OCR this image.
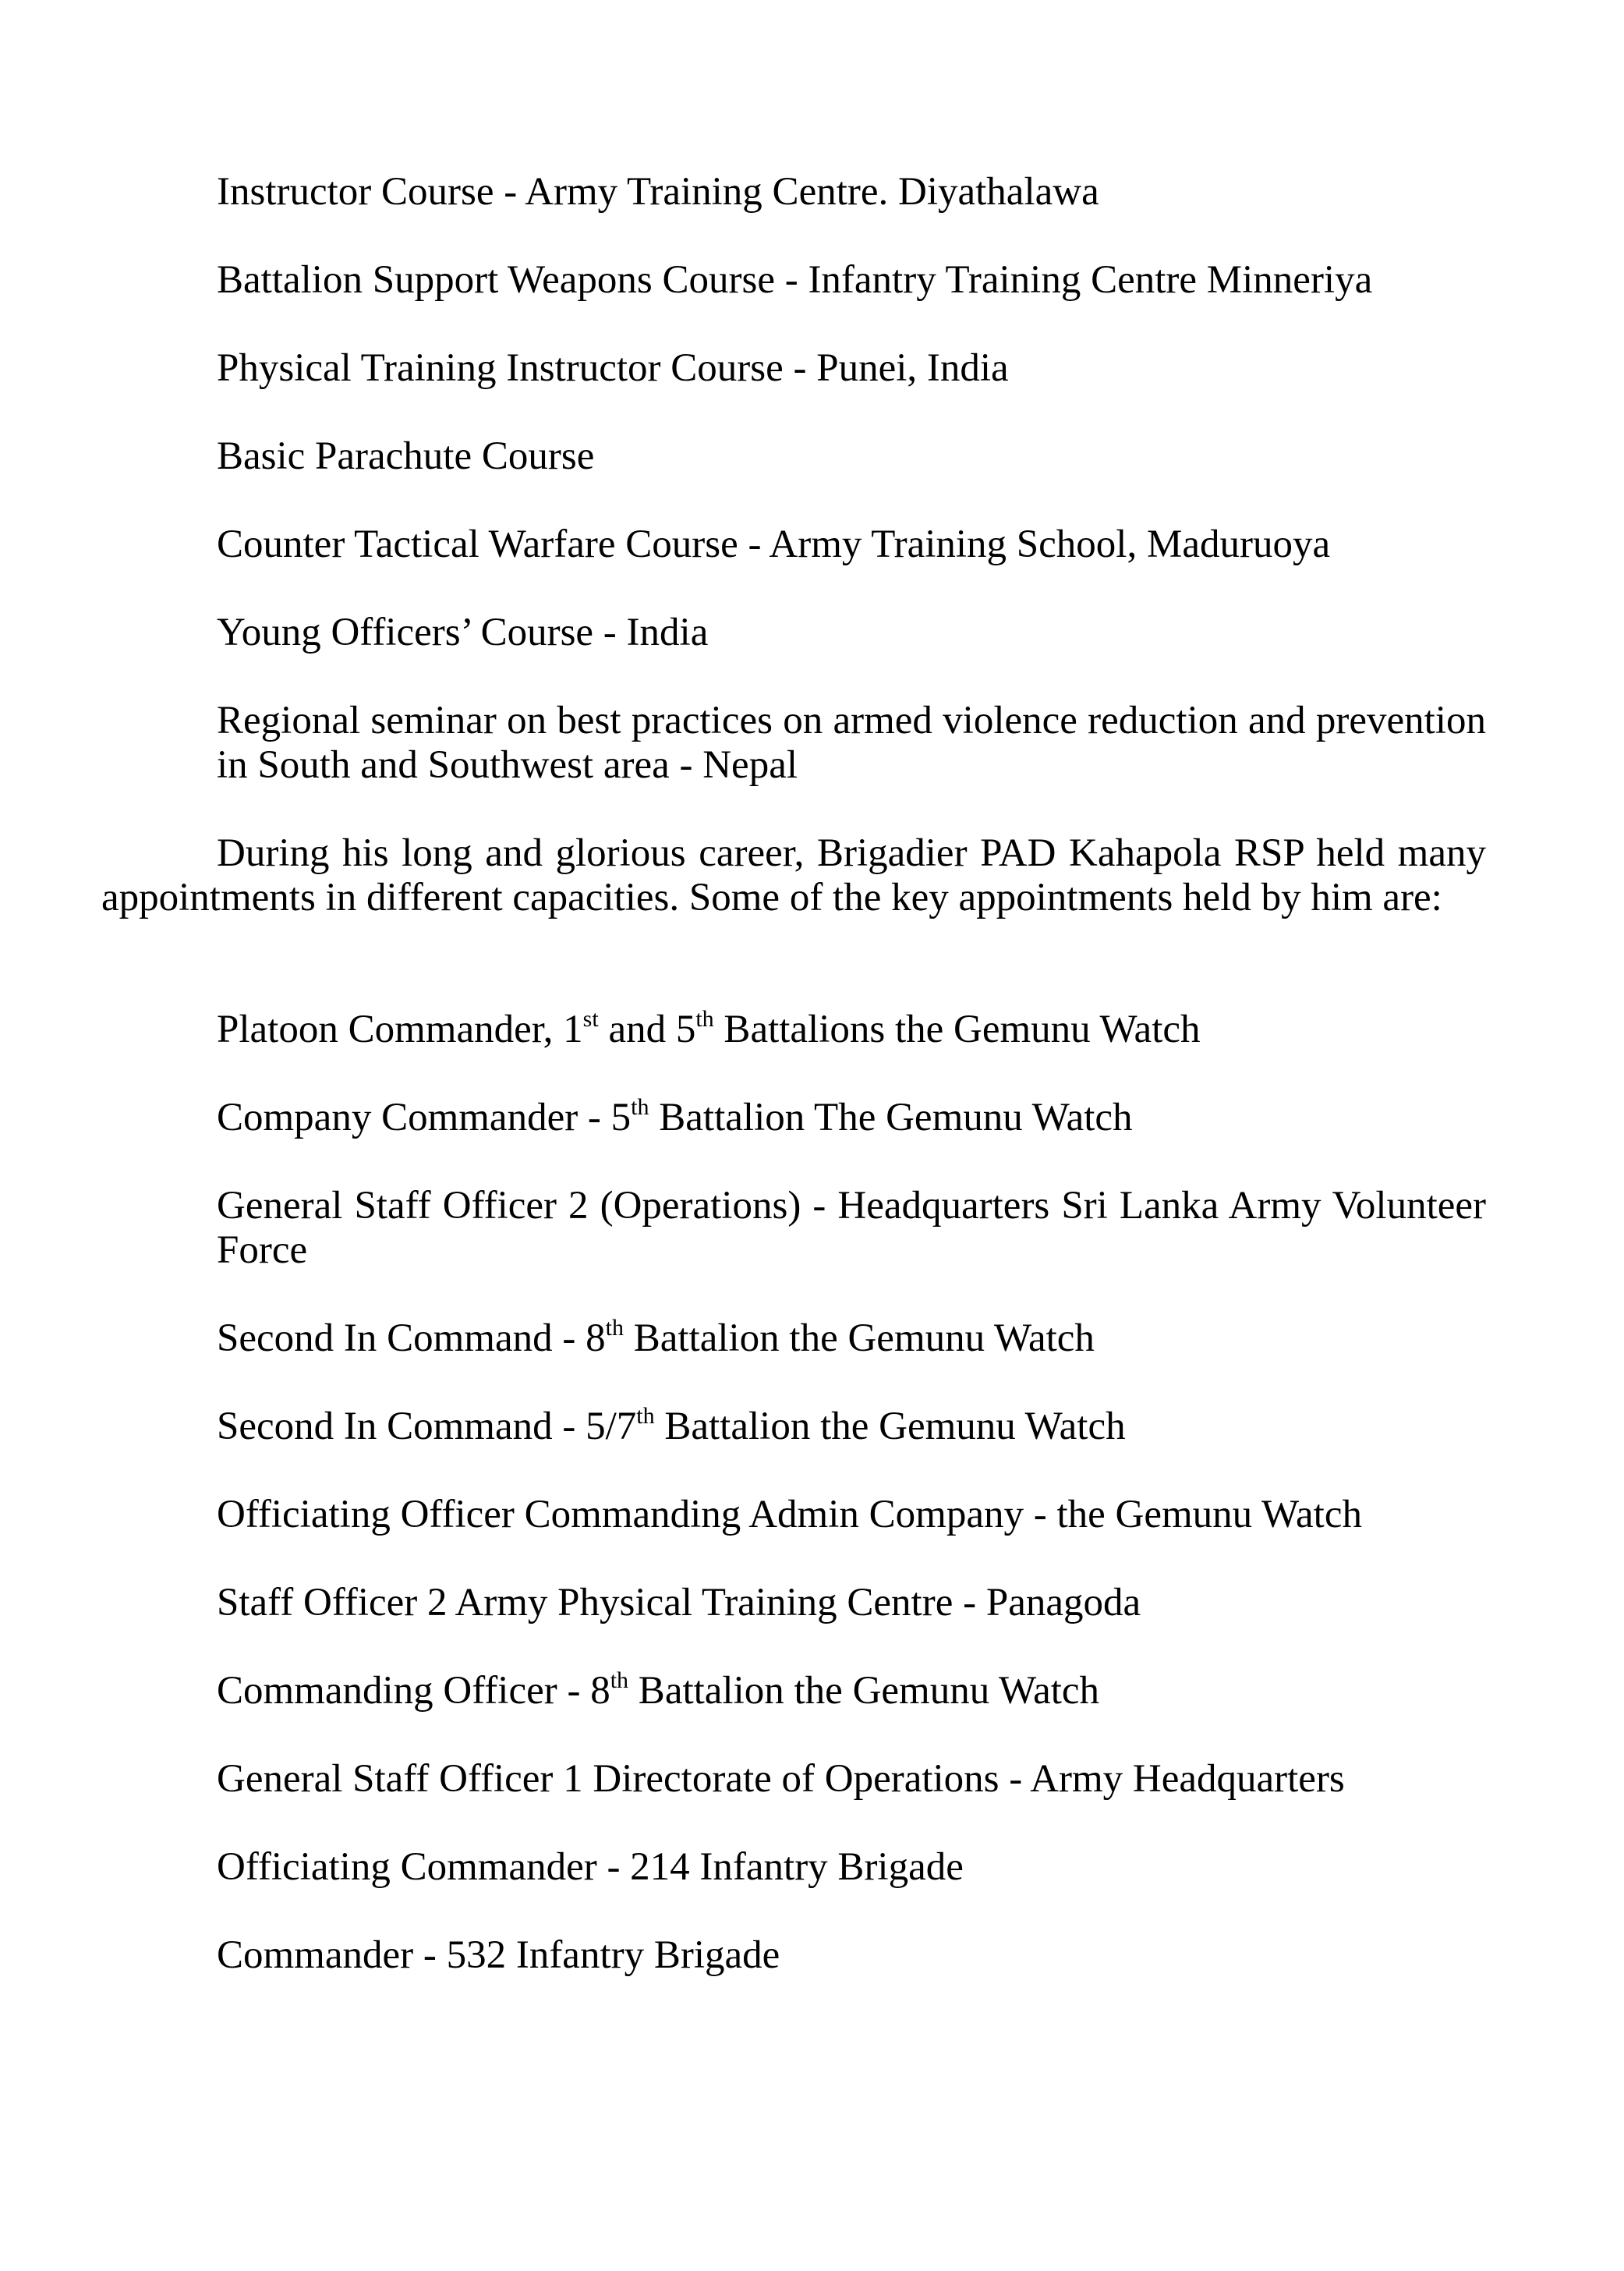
Instructor Course - Army Training Centre. Diyathalawa

Battalion Support Weapons Course - Infantry Training Centre Minneriya

Physical Training Instructor Course - Punei, India

Basic Parachute Course

Counter Tactical Warfare Course - Army Training School, Maduruoya

Young Officers’ Course - India

Regional seminar on best practices on armed violence reduction and prevention in South and Southwest area - Nepal

During his long and glorious career, Brigadier PAD Kahapola RSP held many appointments in different capacities. Some of the key appointments held by him are:

Platoon Commander, 1st and 5th Battalions the Gemunu Watch

Company Commander - 5th Battalion The Gemunu Watch

General Staff Officer 2 (Operations) - Headquarters Sri Lanka Army Volunteer Force

Second In Command - 8th Battalion the Gemunu Watch

Second In Command - 5/7th Battalion the Gemunu Watch

Officiating Officer Commanding Admin Company - the Gemunu Watch

Staff Officer 2 Army Physical Training Centre - Panagoda

Commanding Officer - 8th Battalion the Gemunu Watch

General Staff Officer 1 Directorate of Operations - Army Headquarters

Officiating Commander - 214 Infantry Brigade

Commander - 532 Infantry Brigade
